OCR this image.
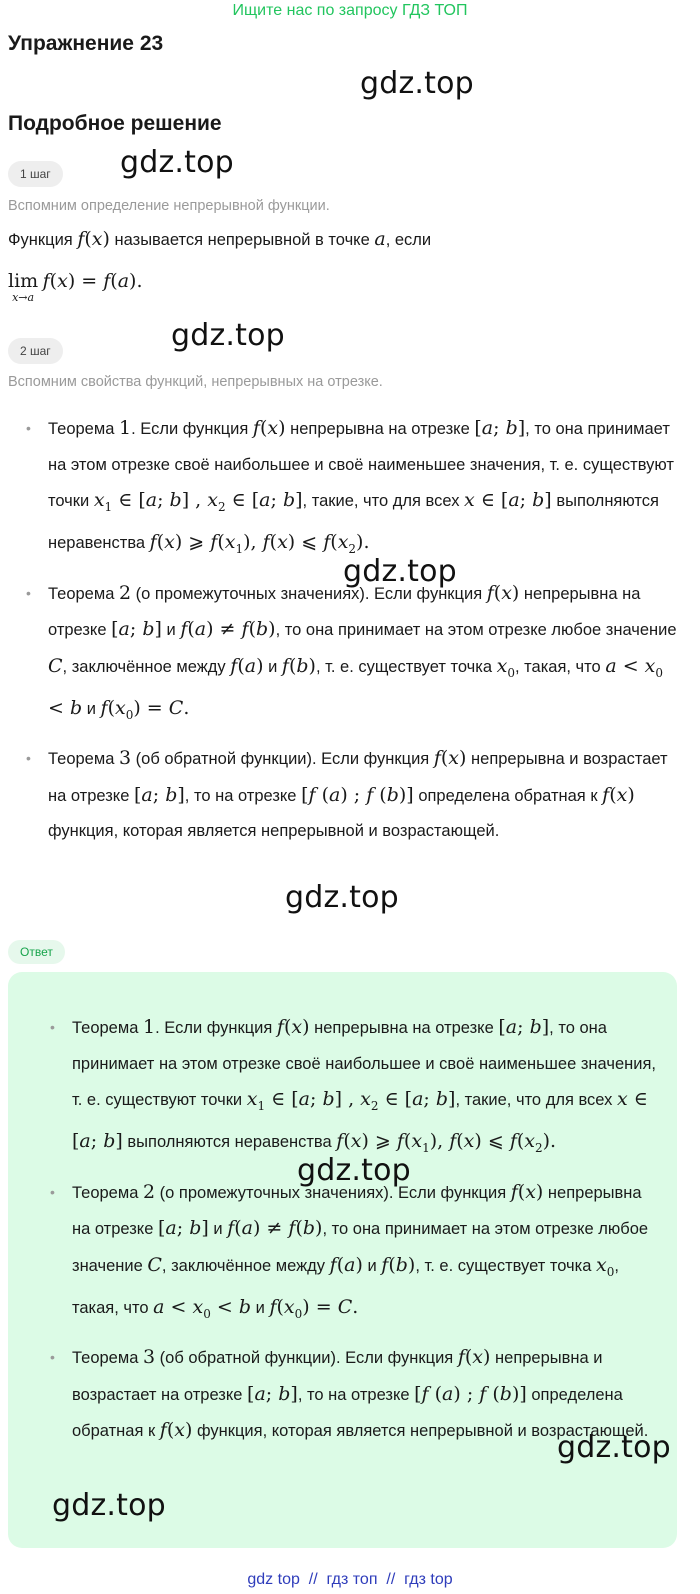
Ищите нас по запросу ГДЗ ТОП
Упражнение 23
gdz.top
Подробное решение
1 шаг	gdz.top
Вспомним определение непрерывной функции.
Функция f(x) называется непрерывной в точке a, если
lim
x→a
f(x) = f(a).
gdz.top
2 шаг
Вспомним свойства функций, непрерывных на отрезке.
• Теорема 1. Если функция f(x) непрерывна на отрезке [a; b], то она принимает на этом отрезке своё наибольшее и своё наименьшее значения, т. е. существуют точки $x_1$ ∈ [a; b] , $x_2$ ∈ [a; b], такие, что для всех x ∈ [a; b] выполняются неравенства f(x) ⩾ $f(x_1)$, f(x) ⩽ $f(x_2)$.
• Теорема 2 (о промежуточных значениях). Если функция f(x) непрерывна на отрезке [a; b] и f(a) ≠ f(b), то она принимает на этом отрезке любое значение C, заключённое между f(a) и f(b), т. е. существует точка $x_0$, такая, что $a < x_0 < b$ и $f(x_0) = C$.
• Теорема 3 (об обратной функции). Если функция f(x) непрерывна и возрастает на отрезке [a; b], то на отрезке [f (a) ; f (b)] определена обратная к f(x) функция, которая является непрерывной и возрастающей.
gdz.top
gdz.top
Ответ
• Теорема 1. Если функция f(x) непрерывна на отрезке [a; b], то она принимает на этом отрезке своё наибольшее и своё наименьшее значения, т. е. существуют точки $x_1$ ∈ [a; b] , $x_2$ ∈ [a; b], такие, что для всех x ∈ [a; b] выполняются неравенства f(x) ⩾ $f(x_1)$, f(x) ⩽ $f(x_2)$.
• Теорема 2 (о промежуточных значениях). Если функция f(x) непрерывна на отрезке [a; b] и f(a) ≠ f(b), то она принимает на этом отрезке любое значение C, заключённое между f(a) и f(b), т. е. существует точка $x_0$, такая, что $a < x_0 < b$ и $f(x_0) = C$.
• Теорема 3 (об обратной функции). Если функция f(x) непрерывна и возрастает на отрезке [a; b], то на отрезке [f (a) ; f (b)] определена обратная к f(x) функция, которая является непрерывной и возрастающей.
gdz.top
gdz.top
gdz.top
gdz top  //  гдз топ  //  гдз top
